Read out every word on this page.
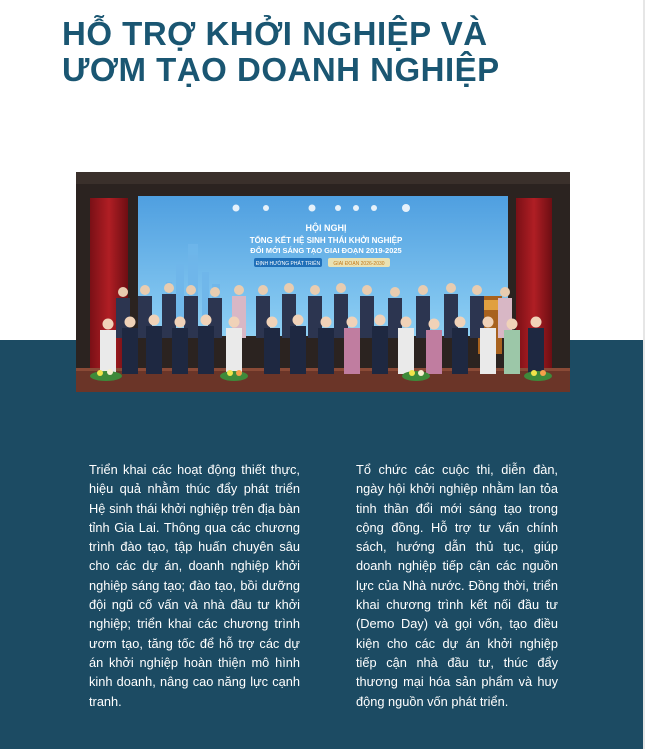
HỖ TRỢ KHỞI NGHIỆP VÀ
ƯƠM TẠO DOANH NGHIỆP
HỘI NGHỊ
TỔNG KẾT HỆ SINH THÁI KHỞI NGHIỆP
ĐỔI MỚI SÁNG TẠO GIAI ĐOẠN 2019-2025
ĐỊNH HƯỚNG PHÁT TRIỂN	GIAI ĐOẠN 2026-2030

Triển khai các hoạt động thiết thực, hiệu quả nhằm thúc đẩy phát triển Hệ sinh thái khởi nghiệp trên địa bàn tỉnh Gia Lai. Thông qua các chương trình đào tạo, tập huấn chuyên sâu cho các dự án, doanh nghiệp khởi nghiệp sáng tạo; đào tạo, bồi dưỡng đội ngũ cố vấn và nhà đầu tư khởi nghiệp; triển khai các chương trình ươm tạo, tăng tốc để hỗ trợ các dự án khởi nghiệp hoàn thiện mô hình kinh doanh, nâng cao năng lực cạnh tranh.

Tổ chức các cuộc thi, diễn đàn, ngày hội khởi nghiệp nhằm lan tỏa tinh thần đổi mới sáng tạo trong cộng đồng. Hỗ trợ tư vấn chính sách, hướng dẫn thủ tục, giúp doanh nghiệp tiếp cận các nguồn lực của Nhà nước. Đồng thời, triển khai chương trình kết nối đầu tư (Demo Day) và gọi vốn, tạo điều kiện cho các dự án khởi nghiệp tiếp cận nhà đầu tư, thúc đẩy thương mại hóa sản phẩm và huy động nguồn vốn phát triển.
